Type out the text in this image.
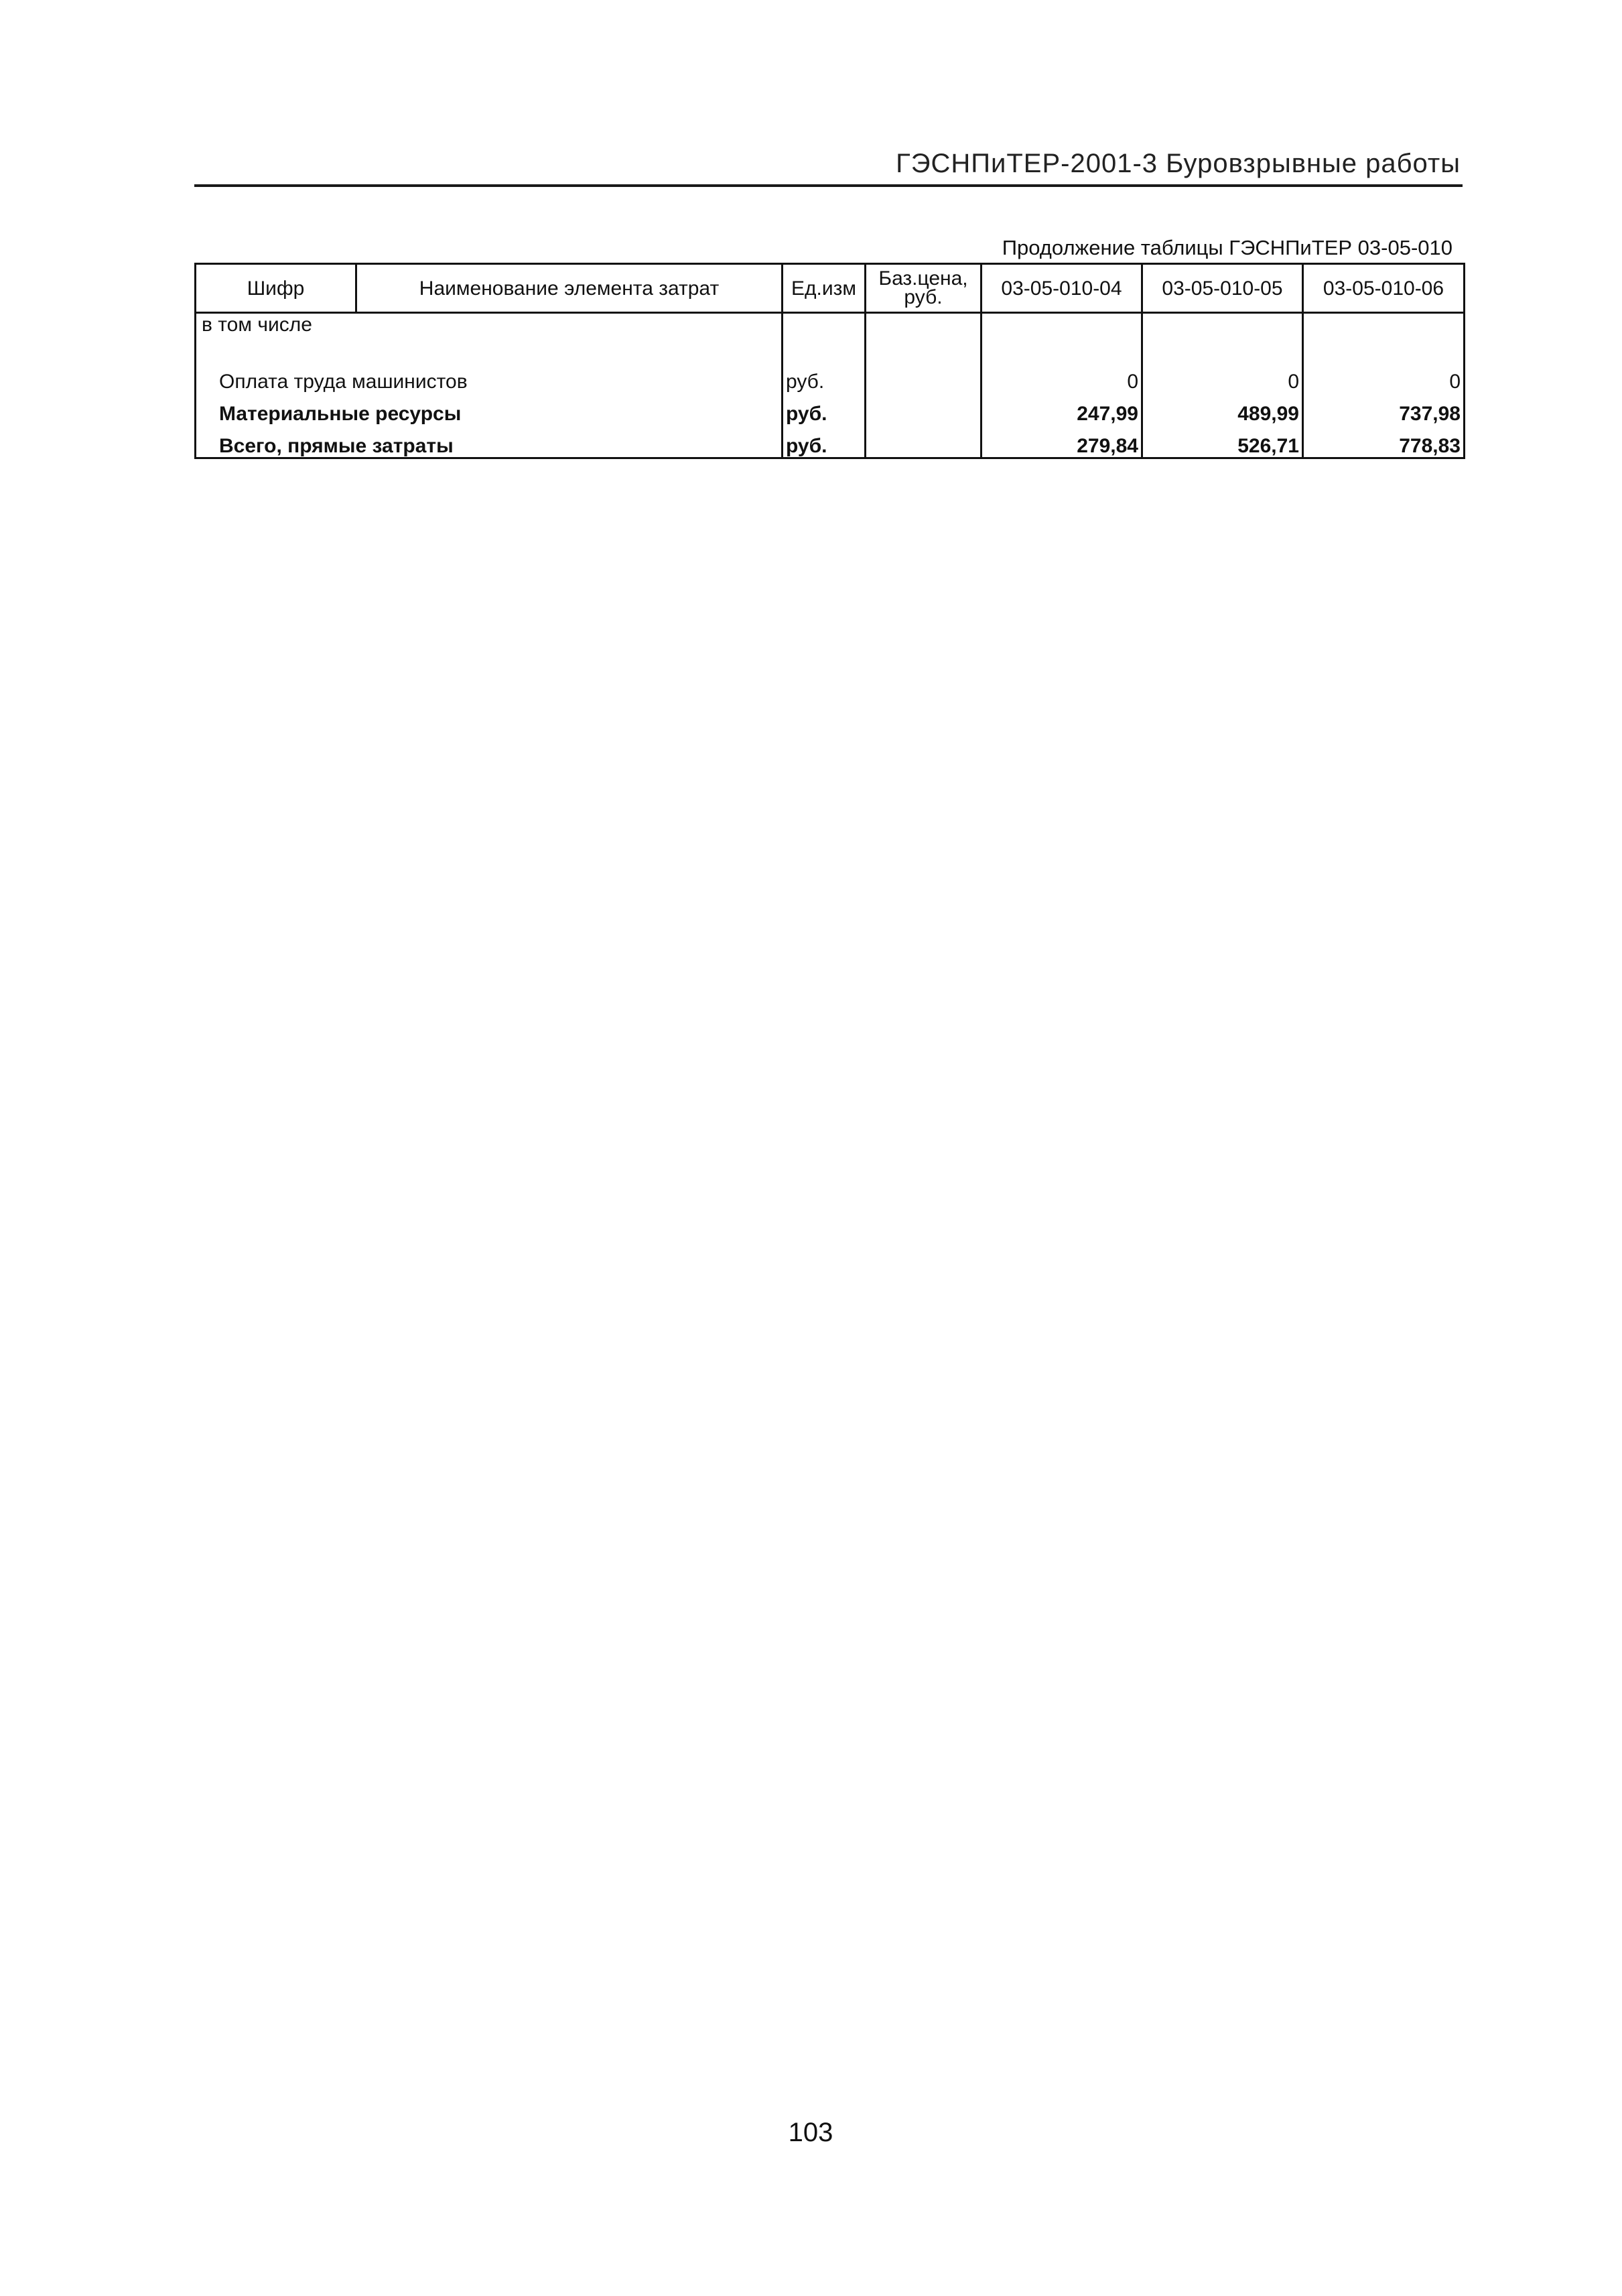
ГЭСНПиТЕР-2001-3 Буровзрывные работы
Продолжение таблицы ГЭСНПиТЕР 03-05-010
Шифр	Наименование элемента затрат	Ед.изм	Баз.цена, руб.	03-05-010-04	03-05-010-05	03-05-010-06
в том числе						

Оплата труда машинистов		руб.		0	0	0
Материальные ресурсы		руб.		247,99	489,99	737,98
Всего, прямые затраты		руб.		279,84	526,71	778,83
103
